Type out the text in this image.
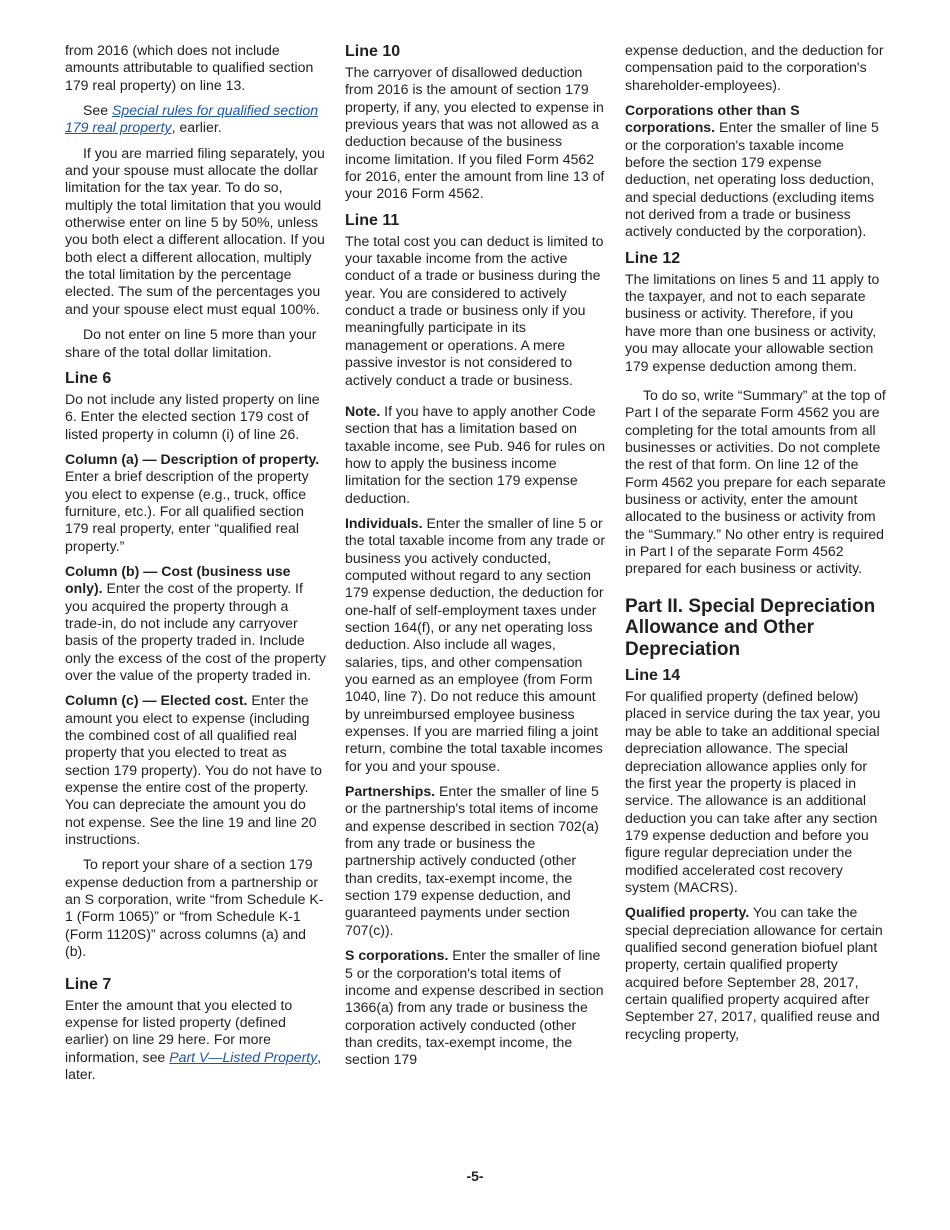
from 2016 (which does not include amounts attributable to qualified section 179 real property) on line 13.

See Special rules for qualified section 179 real property, earlier.

If you are married filing separately, you and your spouse must allocate the dollar limitation for the tax year. To do so, multiply the total limitation that you would otherwise enter on line 5 by 50%, unless you both elect a different allocation. If you both elect a different allocation, multiply the total limitation by the percentage elected. The sum of the percentages you and your spouse elect must equal 100%.

Do not enter on line 5 more than your share of the total dollar limitation.

Line 6

Do not include any listed property on line 6. Enter the elected section 179 cost of listed property in column (i) of line 26.

Column (a) — Description of property. Enter a brief description of the property you elect to expense (e.g., truck, office furniture, etc.). For all qualified section 179 real property, enter “qualified real property.”

Column (b) — Cost (business use only). Enter the cost of the property. If you acquired the property through a trade-in, do not include any carryover basis of the property traded in. Include only the excess of the cost of the property over the value of the property traded in.

Column (c) — Elected cost. Enter the amount you elect to expense (including the combined cost of all qualified real property that you elected to treat as section 179 property). You do not have to expense the entire cost of the property. You can depreciate the amount you do not expense. See the line 19 and line 20 instructions.

To report your share of a section 179 expense deduction from a partnership or an S corporation, write “from Schedule K-1 (Form 1065)” or “from Schedule K-1 (Form 1120S)” across columns (a) and (b).

Line 7

Enter the amount that you elected to expense for listed property (defined earlier) on line 29 here. For more information, see Part V—Listed Property, later.

Line 10

The carryover of disallowed deduction from 2016 is the amount of section 179 property, if any, you elected to expense in previous years that was not allowed as a deduction because of the business income limitation. If you filed Form 4562 for 2016, enter the amount from line 13 of your 2016 Form 4562.

Line 11

The total cost you can deduct is limited to your taxable income from the active conduct of a trade or business during the year. You are considered to actively conduct a trade or business only if you meaningfully participate in its management or operations. A mere passive investor is not considered to actively conduct a trade or business.

Note. If you have to apply another Code section that has a limitation based on taxable income, see Pub. 946 for rules on how to apply the business income limitation for the section 179 expense deduction.

Individuals. Enter the smaller of line 5 or the total taxable income from any trade or business you actively conducted, computed without regard to any section 179 expense deduction, the deduction for one-half of self-employment taxes under section 164(f), or any net operating loss deduction. Also include all wages, salaries, tips, and other compensation you earned as an employee (from Form 1040, line 7). Do not reduce this amount by unreimbursed employee business expenses. If you are married filing a joint return, combine the total taxable incomes for you and your spouse.

Partnerships. Enter the smaller of line 5 or the partnership's total items of income and expense described in section 702(a) from any trade or business the partnership actively conducted (other than credits, tax-exempt income, the section 179 expense deduction, and guaranteed payments under section 707(c)).

S corporations. Enter the smaller of line 5 or the corporation's total items of income and expense described in section 1366(a) from any trade or business the corporation actively conducted (other than credits, tax-exempt income, the section 179

expense deduction, and the deduction for compensation paid to the corporation's shareholder-employees).

Corporations other than S corporations. Enter the smaller of line 5 or the corporation's taxable income before the section 179 expense deduction, net operating loss deduction, and special deductions (excluding items not derived from a trade or business actively conducted by the corporation).

Line 12

The limitations on lines 5 and 11 apply to the taxpayer, and not to each separate business or activity. Therefore, if you have more than one business or activity, you may allocate your allowable section 179 expense deduction among them.

To do so, write “Summary” at the top of Part I of the separate Form 4562 you are completing for the total amounts from all businesses or activities. Do not complete the rest of that form. On line 12 of the Form 4562 you prepare for each separate business or activity, enter the amount allocated to the business or activity from the “Summary.” No other entry is required in Part I of the separate Form 4562 prepared for each business or activity.

Part II. Special Depreciation Allowance and Other Depreciation
Line 14

For qualified property (defined below) placed in service during the tax year, you may be able to take an additional special depreciation allowance. The special depreciation allowance applies only for the first year the property is placed in service. The allowance is an additional deduction you can take after any section 179 expense deduction and before you figure regular depreciation under the modified accelerated cost recovery system (MACRS).

Qualified property. You can take the special depreciation allowance for certain qualified second generation biofuel plant property, certain qualified property acquired before September 28, 2017, certain qualified property acquired after September 27, 2017, qualified reuse and recycling property,

-5-
